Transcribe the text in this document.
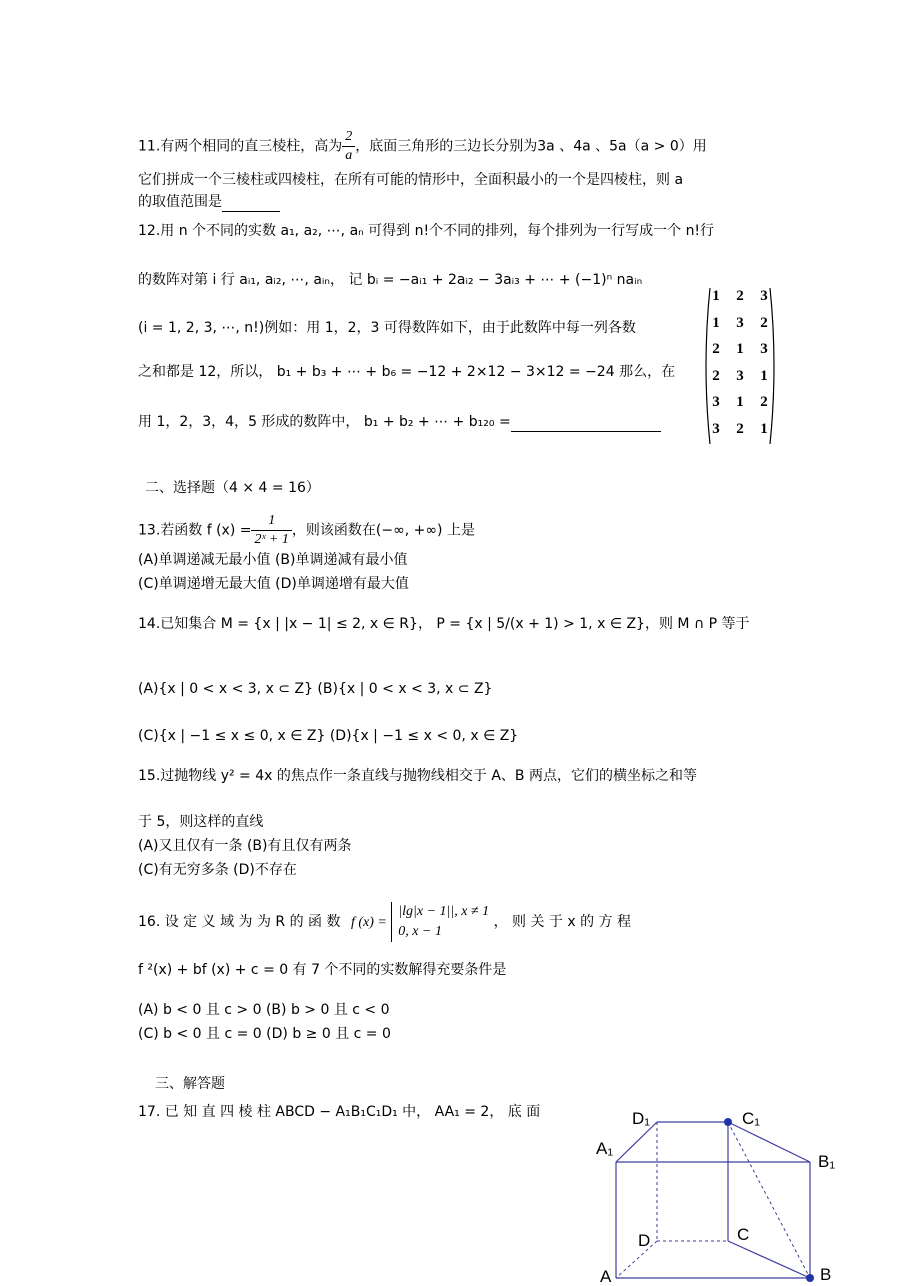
11.有两个相同的直三棱柱，高为 $\frac{2}{a}$ ，底面三角形的三边长分别为3a 、4a 、5a（a > 0）用
它们拼成一个三棱柱或四棱柱，在所有可能的情形中，全面积最小的一个是四棱柱，则 a
的取值范围是
12.用 n 个不同的实数 a₁, a₂, ⋯, aₙ 可得到 n!个不同的排列，每个排列为一行写成一个 n!行
的数阵对第 i 行 aᵢ₁, aᵢ₂, ⋯, aᵢₙ， 记 bᵢ = −aᵢ₁ + 2aᵢ₂ − 3aᵢ₃ + ⋯ + (−1)ⁿ naᵢₙ
(i = 1, 2, 3, ⋯, n!)例如：用 1，2，3 可得数阵如下，由于此数阵中每一列各数
之和都是 12，所以， b₁ + b₃ + ⋯ + b₆ = −12 + 2×12 − 3×12 = −24 那么，在
用 1，2，3，4，5 形成的数阵中， b₁ + b₂ + ⋯ + b₁₂₀ =
1	2	3
1	3	2
2	1	3
2	3	1
3	1	2
3	2	1
二、选择题（4 × 4 = 16）
13.若函数 f $(x) = \frac{1}{\text{2ˣ + 1}}$ ，则该函数在(−∞, +∞) 上是
(A)单调递减无最小值 (B)单调递减有最小值
(C)单调递增无最大值 (D)单调递增有最大值
14.已知集合 M = {x | |x − 1| ≤ 2, x ∈ R}， P = {x | 5/(x + 1) > 1, x ∈ Z}，则 M ∩ P 等于
(A){x | 0 < x < 3, x ⊂ Z} (B){x | 0 < x < 3, x ⊂ Z}
(C){x | −1 ≤ x ≤ 0, x ∈ Z} (D){x | −1 ≤ x < 0, x ∈ Z}
15.过抛物线 y² = 4x 的焦点作一条直线与抛物线相交于 A、B 两点，它们的横坐标之和等
于 5，则这样的直线
(A)又且仅有一条 (B)有且仅有两条
(C)有无穷多条 (D)不存在
16. 设 定 义 域 为 为 R 的 函 数 f (x) =
|lg|x − 1||, x ≠ 1
0, x − 1
， 则 关 于 x 的 方 程
f ²(x) + bf (x) + c = 0 有 7 个不同的实数解得充要条件是
(A) b < 0 且 c > 0 (B) b > 0 且 c < 0
(C) b < 0 且 c = 0 (D) b ≥ 0 且 c = 0
三、解答题
17. 已 知 直 四 棱 柱 ABCD − A₁B₁C₁D₁ 中， AA₁ = 2， 底 面	D₁	C₁
A₁
B₁
D	C
A	B
